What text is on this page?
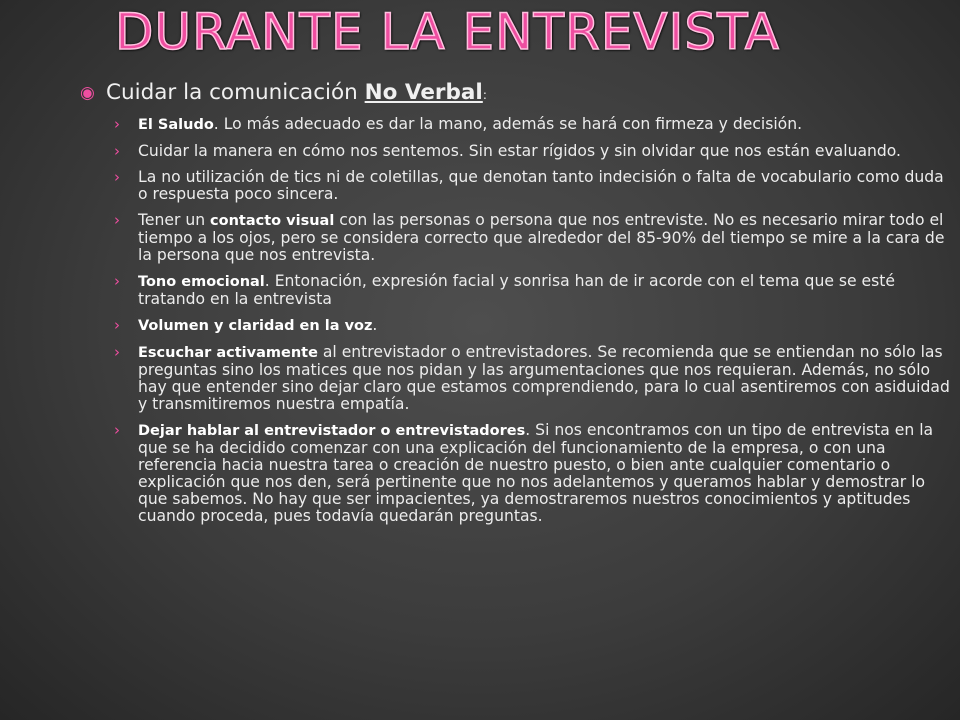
DURANTE LA ENTREVISTA
◉ Cuidar la comunicación No Verbal:
› El Saludo. Lo más adecuado es dar la mano, además se hará con firmeza y decisión.
› Cuidar la manera en cómo nos sentemos. Sin estar rígidos y sin olvidar que nos están evaluando.
› La no utilización de tics ni de coletillas, que denotan tanto indecisión o falta de vocabulario como duda o respuesta poco sincera.
› Tener un contacto visual con las personas o persona que nos entreviste. No es necesario mirar todo el tiempo a los ojos, pero se considera correcto que alrededor del 85-90% del tiempo se mire a la cara de la persona que nos entrevista.
› Tono emocional. Entonación, expresión facial y sonrisa han de ir acorde con el tema que se esté tratando en la entrevista
› Volumen y claridad en la voz.
› Escuchar activamente al entrevistador o entrevistadores. Se recomienda que se entiendan no sólo las preguntas sino los matices que nos pidan y las argumentaciones que nos requieran. Además, no sólo hay que entender sino dejar claro que estamos comprendiendo, para lo cual asentiremos con asiduidad y transmitiremos nuestra empatía.
› Dejar hablar al entrevistador o entrevistadores. Si nos encontramos con un tipo de entrevista en la que se ha decidido comenzar con una explicación del funcionamiento de la empresa, o con una referencia hacia nuestra tarea o creación de nuestro puesto, o bien ante cualquier comentario o explicación que nos den, será pertinente que no nos adelantemos y queramos hablar y demostrar lo que sabemos. No hay que ser impacientes, ya demostraremos nuestros conocimientos y aptitudes cuando proceda, pues todavía quedarán preguntas.
